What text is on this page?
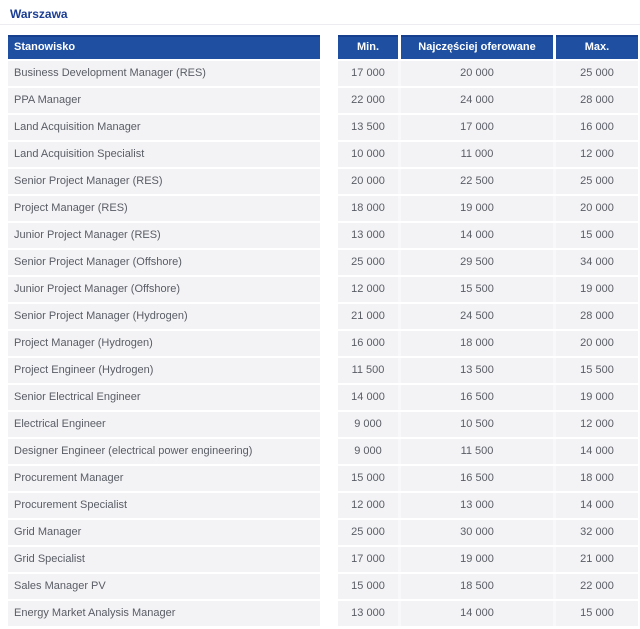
Warszawa
Stanowisko	Min.	Najczęściej oferowane	Max.
Business Development Manager (RES)	17 000	20 000	25 000
PPA Manager	22 000	24 000	28 000
Land Acquisition Manager	13 500	17 000	16 000
Land Acquisition Specialist	10 000	11 000	12 000
Senior Project Manager (RES)	20 000	22 500	25 000
Project Manager (RES)	18 000	19 000	20 000
Junior Project Manager (RES)	13 000	14 000	15 000
Senior Project Manager (Offshore)	25 000	29 500	34 000
Junior Project Manager (Offshore)	12 000	15 500	19 000
Senior Project Manager (Hydrogen)	21 000	24 500	28 000
Project Manager (Hydrogen)	16 000	18 000	20 000
Project Engineer (Hydrogen)	11 500	13 500	15 500
Senior Electrical Engineer	14 000	16 500	19 000
Electrical Engineer	9 000	10 500	12 000
Designer Engineer (electrical power engineering)	9 000	11 500	14 000
Procurement Manager	15 000	16 500	18 000
Procurement Specialist	12 000	13 000	14 000
Grid Manager	25 000	30 000	32 000
Grid Specialist	17 000	19 000	21 000
Sales Manager PV	15 000	18 500	22 000
Energy Market Analysis Manager	13 000	14 000	15 000
